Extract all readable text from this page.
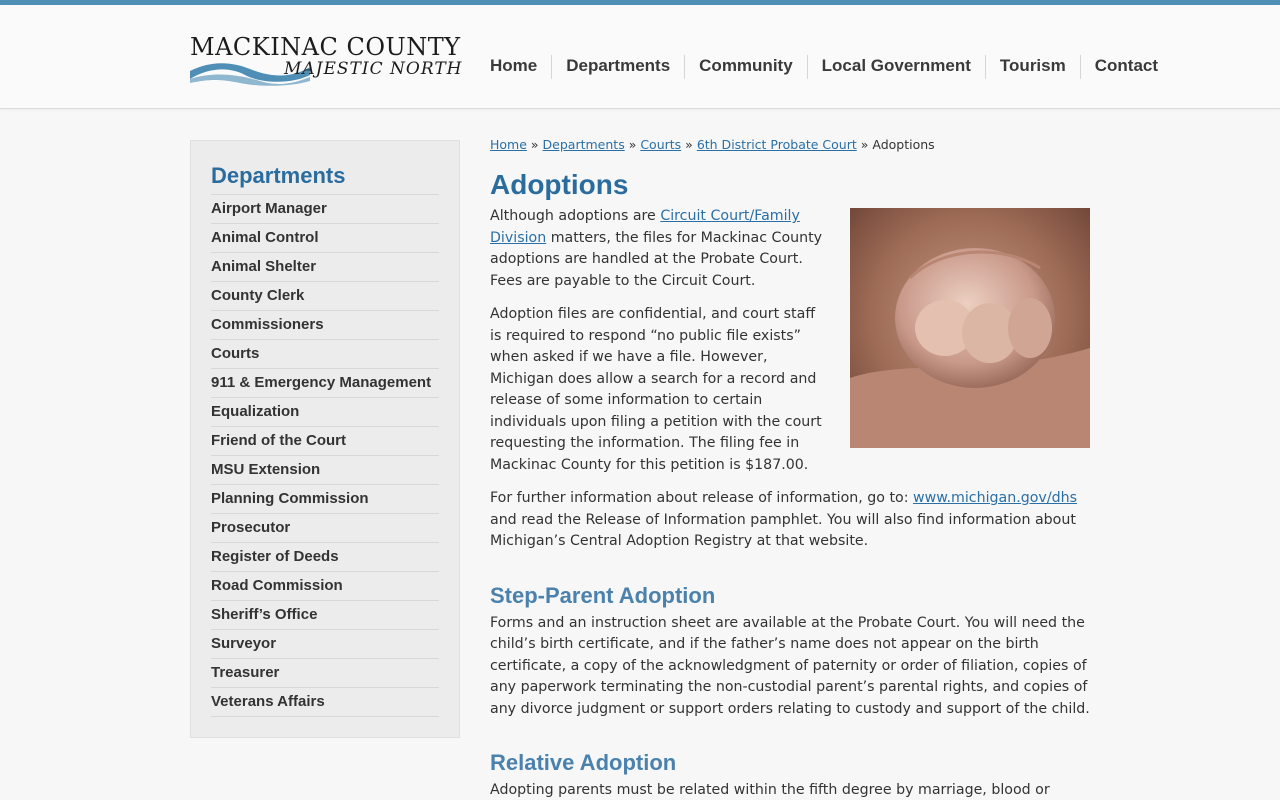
MACKINAC COUNTY
MAJESTIC NORTH	Home	Departments	Community	Local Government	Tourism	Contact
Departments
Airport Manager
Animal Control
Animal Shelter
County Clerk
Commissioners
Courts
911 & Emergency Management
Equalization
Friend of the Court
MSU Extension
Planning Commission
Prosecutor
Register of Deeds
Road Commission
Sheriff’s Office
Surveyor
Treasurer
Veterans Affairs
Home » Departments » Courts » 6th District Probate Court » Adoptions
Adoptions

Although adoptions are Circuit Court/Family Division matters, the files for Mackinac County adoptions are handled at the Probate Court. Fees are payable to the Circuit Court.

Adoption files are confidential, and court staff is required to respond “no public file exists” when asked if we have a file. However, Michigan does allow a search for a record and release of some information to certain individuals upon filing a petition with the court requesting the information. The filing fee in Mackinac County for this petition is $187.00.

For further information about release of information, go to: www.michigan.gov/dhs and read the Release of Information pamphlet. You will also find information about Michigan’s Central Adoption Registry at that website.

Step-Parent Adoption

Forms and an instruction sheet are available at the Probate Court. You will need the child’s birth certificate, and if the father’s name does not appear on the birth certificate, a copy of the acknowledgment of paternity or order of filiation, copies of any paperwork terminating the non-custodial parent’s parental rights, and copies of any divorce judgment or support orders relating to custody and support of the child.

Relative Adoption

Adopting parents must be related within the fifth degree by marriage, blood or
